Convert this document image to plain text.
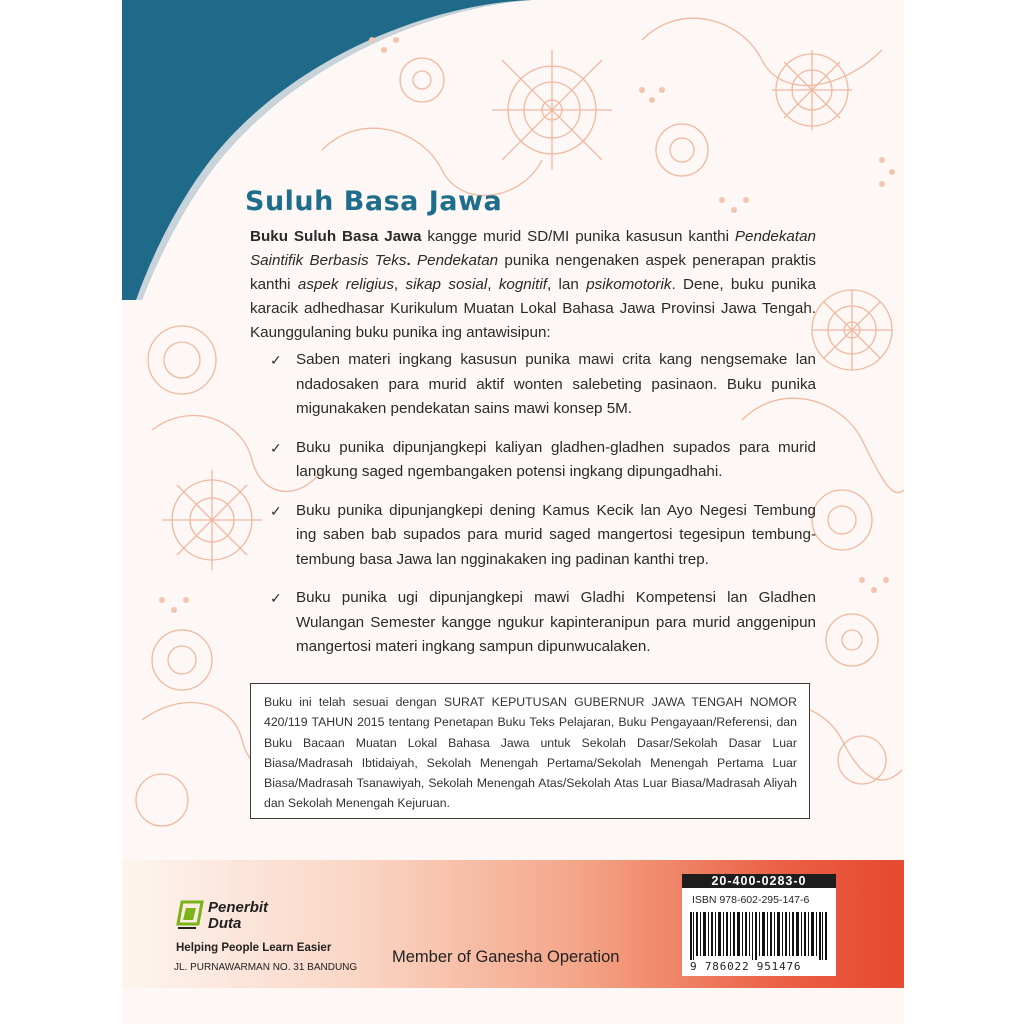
Suluh Basa Jawa

Buku Suluh Basa Jawa kangge murid SD/MI punika kasusun kanthi Pendekatan Saintifik Berbasis Teks. Pendekatan punika nengenaken aspek penerapan praktis kanthi aspek religius, sikap sosial, kognitif, lan psikomotorik. Dene, buku punika karacik adhedhasar Kurikulum Muatan Lokal Bahasa Jawa Provinsi Jawa Tengah. Kaunggulaning buku punika ing antawisipun:

✓ Saben materi ingkang kasusun punika mawi crita kang nengsemake lan ndadosaken para murid aktif wonten salebeting pasinaon. Buku punika migunakaken pendekatan sains mawi konsep 5M.
✓ Buku punika dipunjangkepi kaliyan gladhen-gladhen supados para murid langkung saged ngembangaken potensi ingkang dipungadhahi.
✓ Buku punika dipunjangkepi dening Kamus Kecik lan Ayo Negesi Tembung ing saben bab supados para murid saged mangertosi tegesipun tembung-tembung basa Jawa lan ngginakaken ing padinan kanthi trep.
✓ Buku punika ugi dipunjangkepi mawi Gladhi Kompetensi lan Gladhen Wulangan Semester kangge ngukur kapinteranipun para murid anggenipun mangertosi materi ingkang sampun dipunwucalaken.
Buku ini telah sesuai dengan SURAT KEPUTUSAN GUBERNUR JAWA TENGAH NOMOR 420/119 TAHUN 2015 tentang Penetapan Buku Teks Pelajaran, Buku Pengayaan/Referensi, dan Buku Bacaan Muatan Lokal Bahasa Jawa untuk Sekolah Dasar/Sekolah Dasar Luar Biasa/Madrasah Ibtidaiyah, Sekolah Menengah Pertama/Sekolah Menengah Pertama Luar Biasa/Madrasah Tsanawiyah, Sekolah Menengah Atas/Sekolah Atas Luar Biasa/Madrasah Aliyah dan Sekolah Menengah Kejuruan.
Penerbit
Duta
Helping People Learn Easier
JL. PURNAWARMAN NO. 31 BANDUNG
Member of Ganesha Operation
20-400-0283-0
ISBN 978-602-295-147-6
9 786022 951476
